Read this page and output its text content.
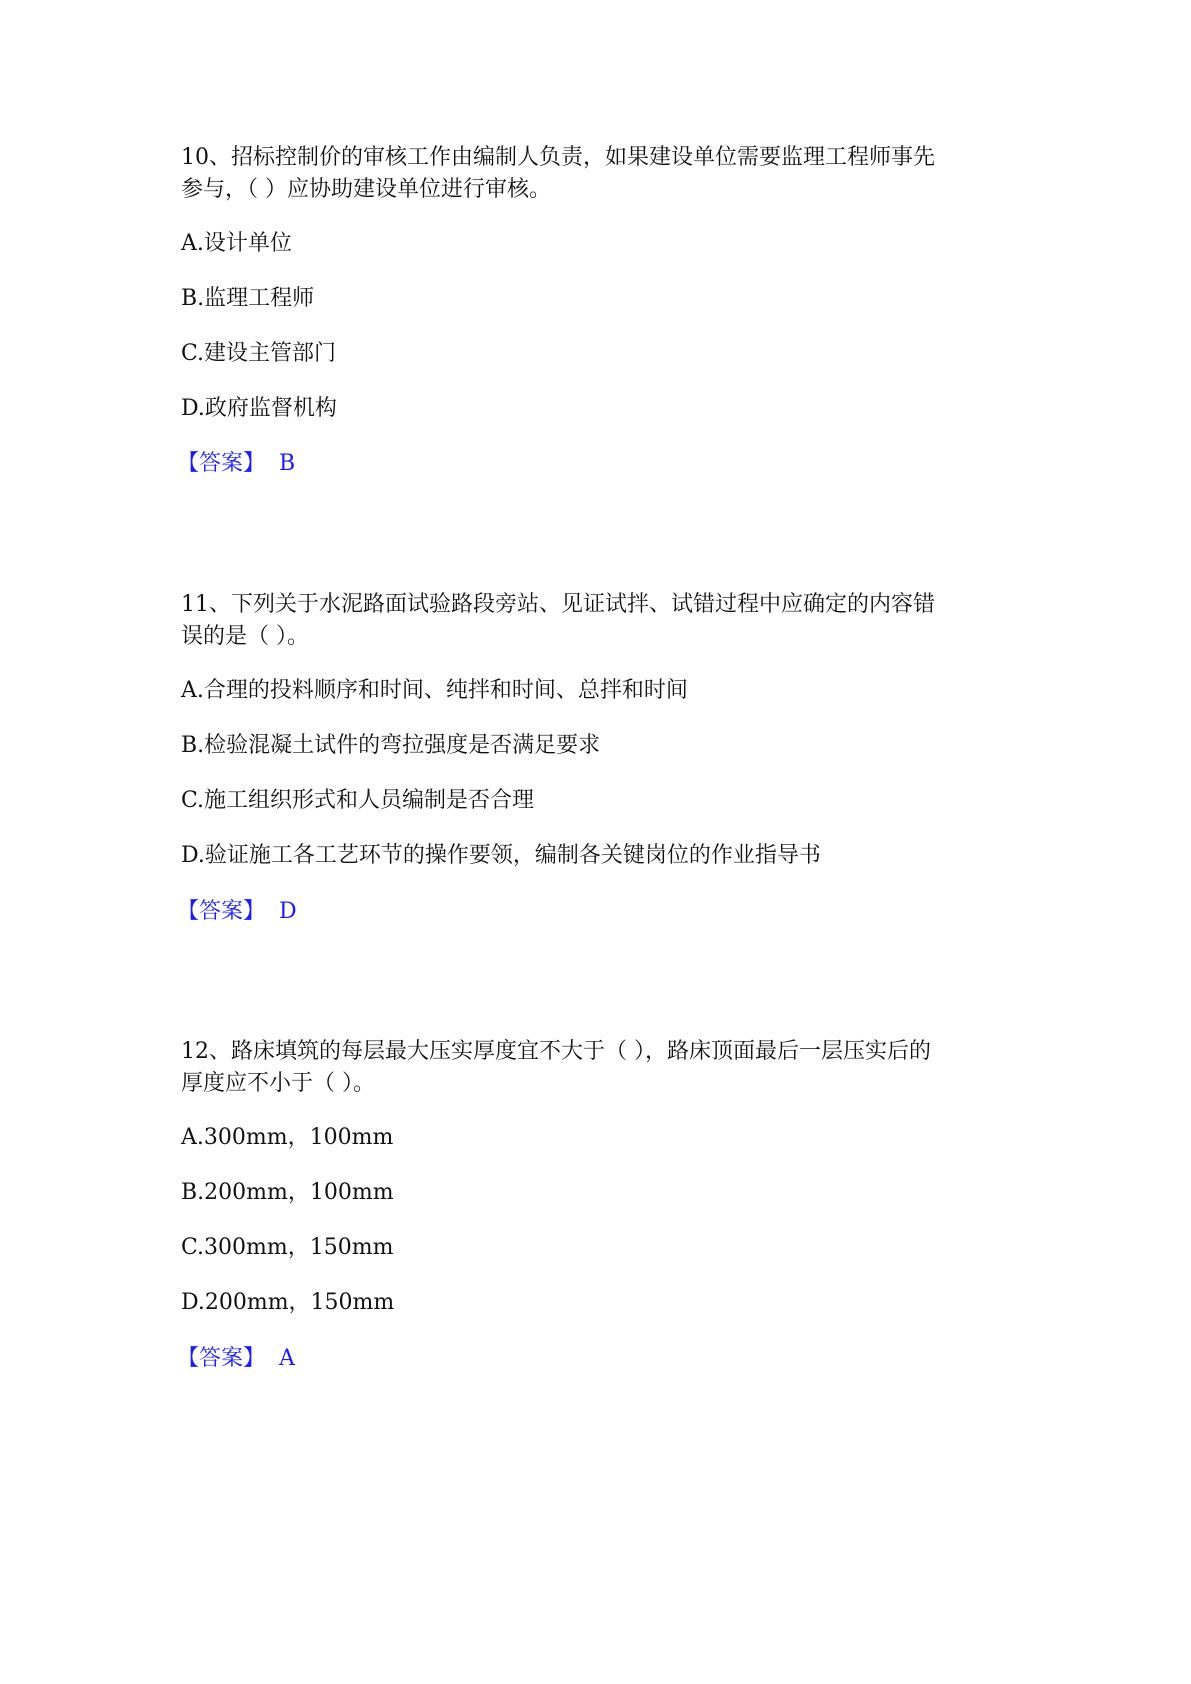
10、招标控制价的审核工作由编制人负责，如果建设单位需要监理工程师事先

参与，（ ）应协助建设单位进行审核。

A.设计单位

B.监理工程师

C.建设主管部门

D.政府监督机构

【答案】 B

11、下列关于水泥路面试验路段旁站、见证试拌、试错过程中应确定的内容错

误的是（ ）。

A.合理的投料顺序和时间、纯拌和时间、总拌和时间

B.检验混凝土试件的弯拉强度是否满足要求

C.施工组织形式和人员编制是否合理

D.验证施工各工艺环节的操作要领，编制各关键岗位的作业指导书

【答案】 D

12、路床填筑的每层最大压实厚度宜不大于（ ），路床顶面最后一层压实后的

厚度应不小于（ ）。

A.300mm，100mm

B.200mm，100mm

C.300mm，150mm

D.200mm，150mm

【答案】 A
